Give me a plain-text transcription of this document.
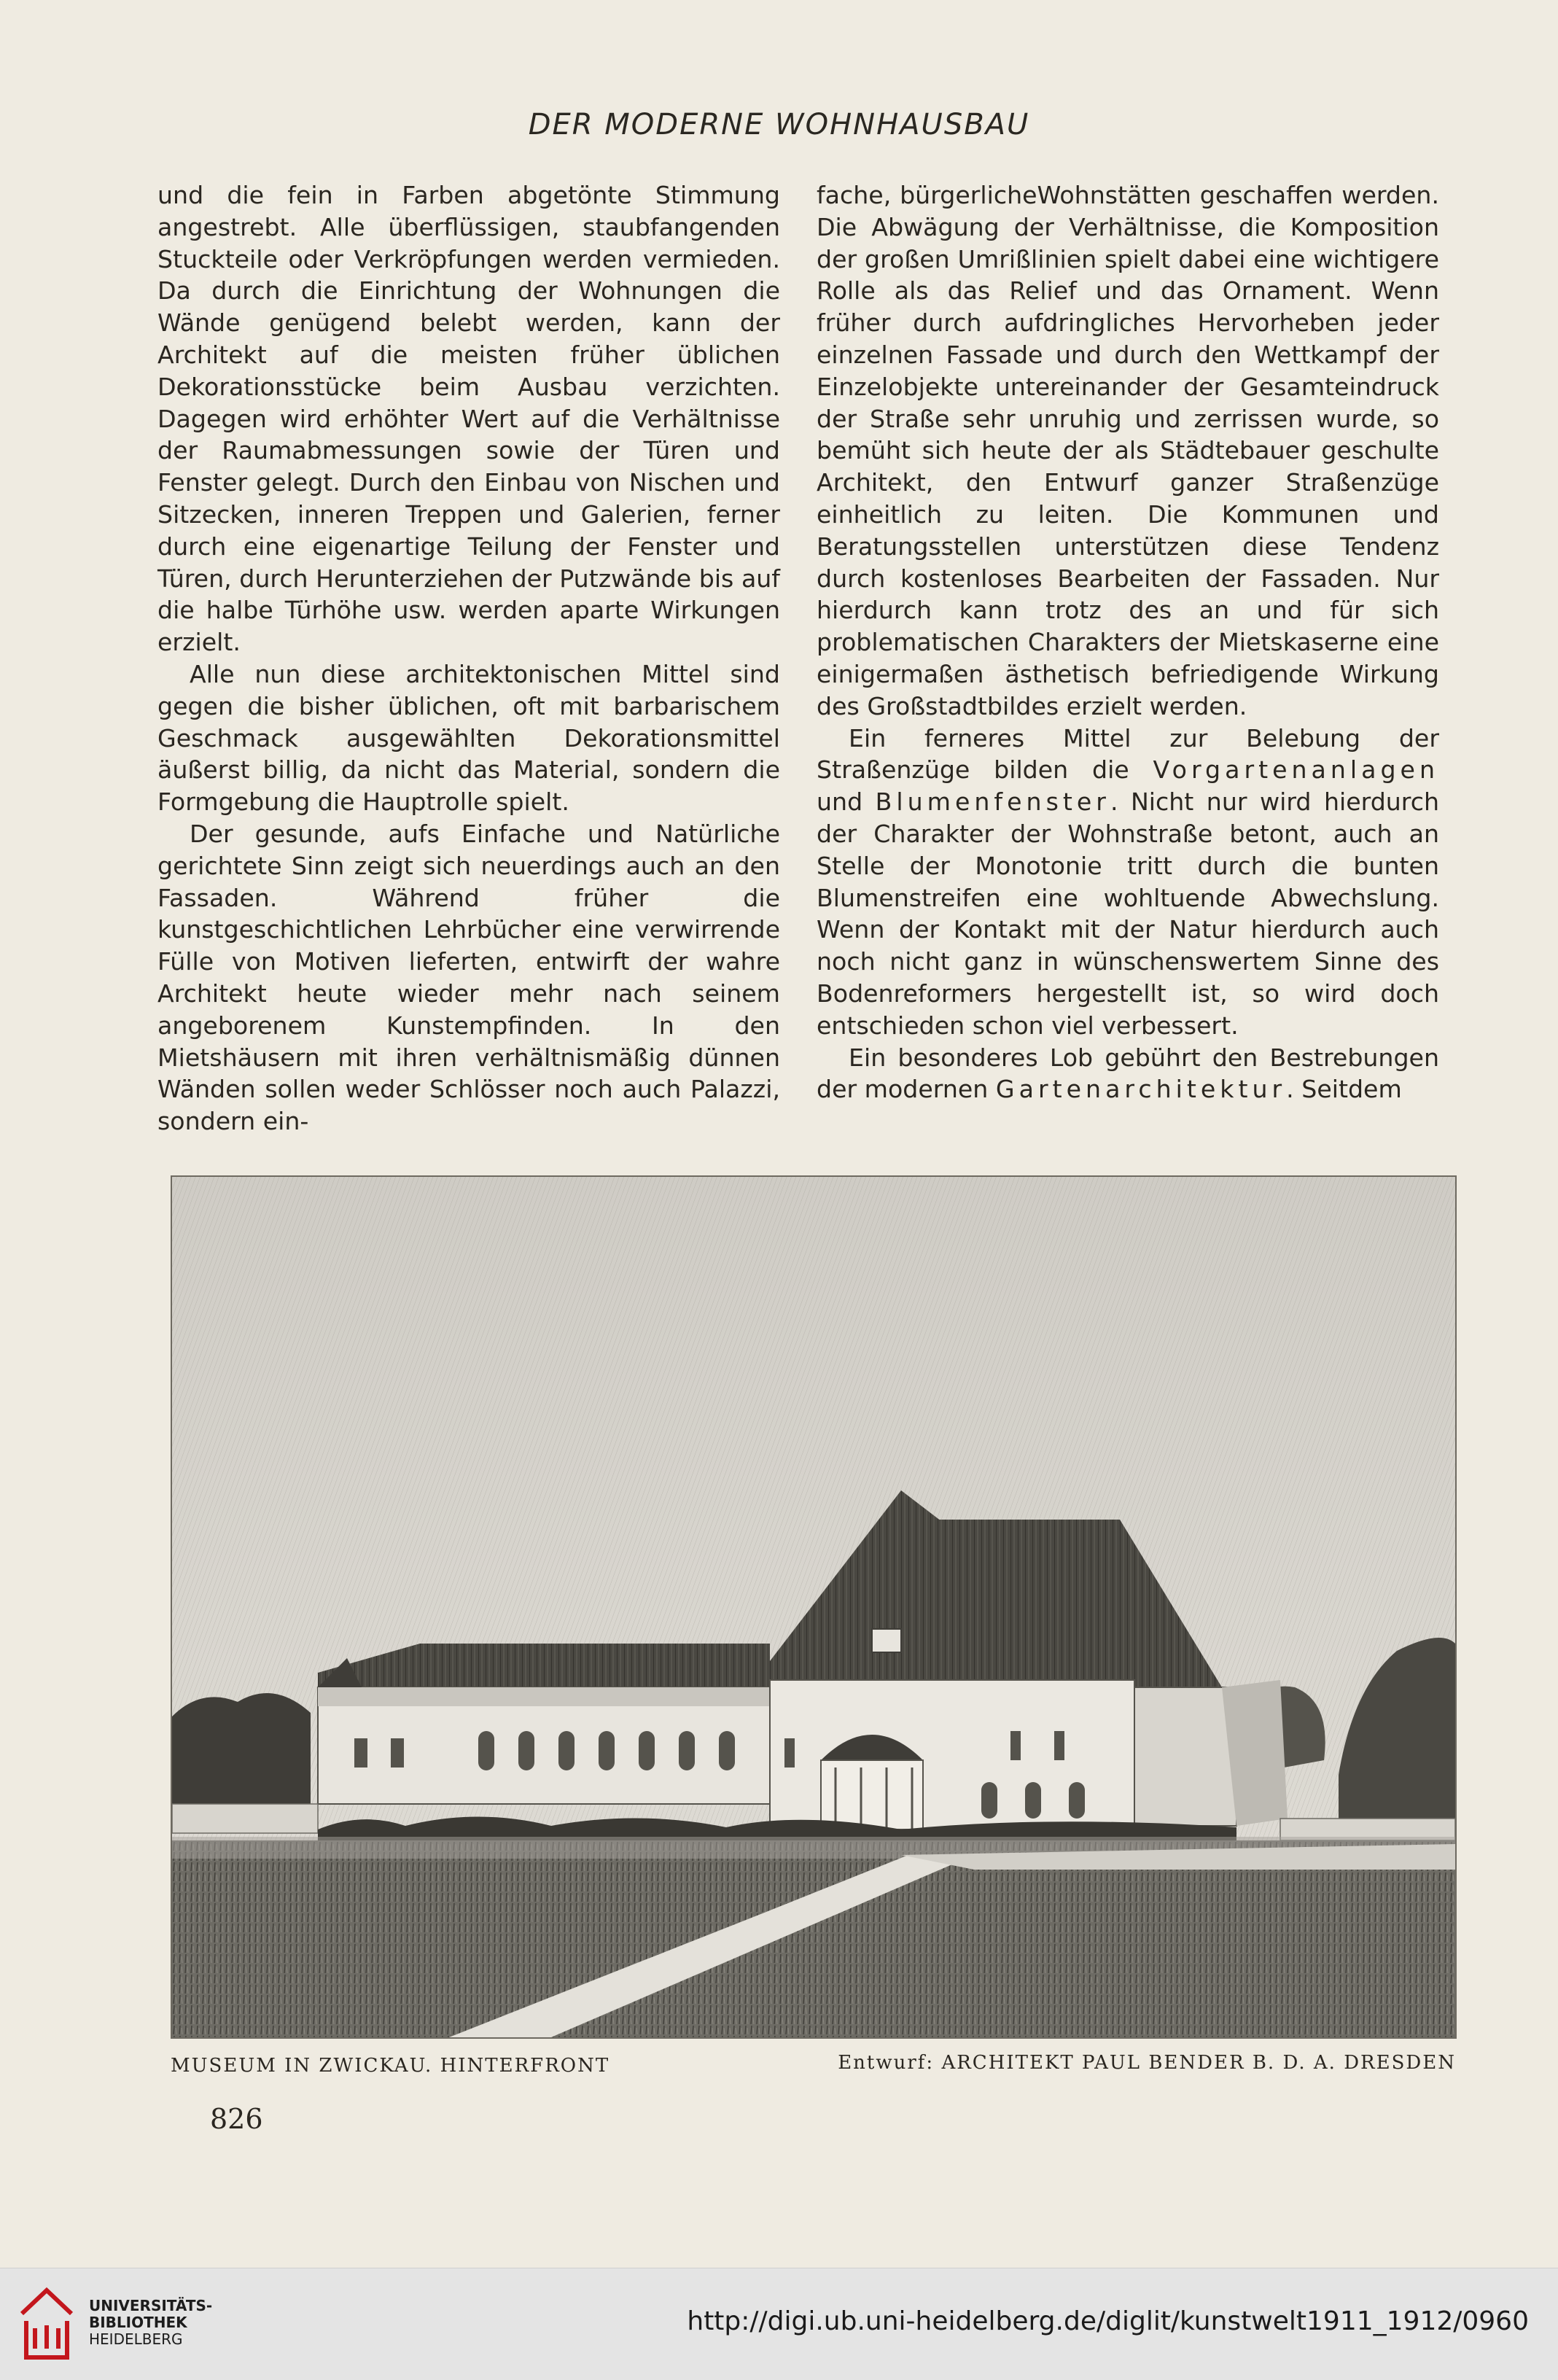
DER MODERNE WOHNHAUSBAU

und die fein in Farben abgetönte Stimmung angestrebt. Alle überflüssigen, staubfangenden Stuckteile oder Verkröpfungen werden vermieden. Da durch die Einrichtung der Wohnungen die Wände genügend belebt werden, kann der Architekt auf die meisten früher üblichen Dekorationsstücke beim Ausbau verzichten. Dagegen wird erhöhter Wert auf die Verhältnisse der Raumabmessungen sowie der Türen und Fenster gelegt. Durch den Einbau von Nischen und Sitzecken, inneren Treppen und Galerien, ferner durch eine eigenartige Teilung der Fenster und Türen, durch Herunterziehen der Putzwände bis auf die halbe Türhöhe usw. werden aparte Wirkungen erzielt.

Alle nun diese architektonischen Mittel sind gegen die bisher üblichen, oft mit barbarischem Geschmack ausgewählten Dekorationsmittel äußerst billig, da nicht das Material, sondern die Formgebung die Hauptrolle spielt.

Der gesunde, aufs Einfache und Natürliche gerichtete Sinn zeigt sich neuerdings auch an den Fassaden. Während früher die kunstgeschichtlichen Lehrbücher eine verwirrende Fülle von Motiven lieferten, entwirft der wahre Architekt heute wieder mehr nach seinem angeborenem Kunstempfinden. In den Mietshäusern mit ihren verhältnismäßig dünnen Wänden sollen weder Schlösser noch auch Palazzi, sondern ein-

fache, bürgerlicheWohnstätten geschaffen werden. Die Abwägung der Verhältnisse, die Komposition der großen Umrißlinien spielt dabei eine wichtigere Rolle als das Relief und das Ornament. Wenn früher durch aufdringliches Hervorheben jeder einzelnen Fassade und durch den Wettkampf der Einzelobjekte untereinander der Gesamteindruck der Straße sehr unruhig und zerrissen wurde, so bemüht sich heute der als Städtebauer geschulte Architekt, den Entwurf ganzer Straßenzüge einheitlich zu leiten. Die Kommunen und Beratungsstellen unterstützen diese Tendenz durch kostenloses Bearbeiten der Fassaden. Nur hierdurch kann trotz des an und für sich problematischen Charakters der Mietskaserne eine einigermaßen ästhetisch befriedigende Wirkung des Großstadtbildes erzielt werden.

Ein ferneres Mittel zur Belebung der Straßenzüge bilden die Vorgartenanlagen und Blumenfenster. Nicht nur wird hierdurch der Charakter der Wohnstraße betont, auch an Stelle der Monotonie tritt durch die bunten Blumenstreifen eine wohltuende Abwechslung. Wenn der Kontakt mit der Natur hierdurch auch noch nicht ganz in wünschenswertem Sinne des Bodenreformers hergestellt ist, so wird doch entschieden schon viel verbessert.

Ein besonderes Lob gebührt den Bestrebungen der modernen Gartenarchitektur. Seitdem

MUSEUM IN ZWICKAU. HINTERFRONT	Entwurf: ARCHITEKT PAUL BENDER B. D. A. DRESDEN
826
UNIVERSITÄTS-
BIBLIOTHEK
HEIDELBERG
http://digi.ub.uni-heidelberg.de/diglit/kunstwelt1911_1912/0960
